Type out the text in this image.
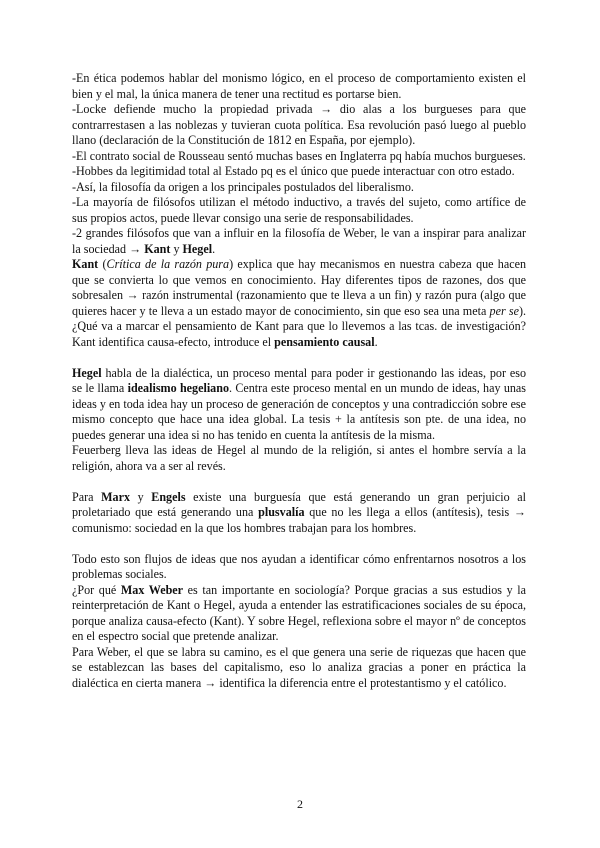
-En ética podemos hablar del monismo lógico, en el proceso de comportamiento existen el bien y el mal, la única manera de tener una rectitud es portarse bien.

-Locke defiende mucho la propiedad privada → dio alas a los burgueses para que contrarrestasen a las noblezas y tuvieran cuota política. Esa revolución pasó luego al pueblo llano (declaración de la Constitución de 1812 en España, por ejemplo).

-El contrato social de Rousseau sentó muchas bases en Inglaterra pq había muchos burgueses.

-Hobbes da legitimidad total al Estado pq es el único que puede interactuar con otro estado.

-Así, la filosofía da origen a los principales postulados del liberalismo.

-La mayoría de filósofos utilizan el método inductivo, a través del sujeto, como artífice de sus propios actos, puede llevar consigo una serie de responsabilidades.

-2 grandes filósofos que van a influir en la filosofía de Weber, le van a inspirar para analizar la sociedad → Kant y Hegel.

Kant (Crítica de la razón pura) explica que hay mecanismos en nuestra cabeza que hacen que se convierta lo que vemos en conocimiento. Hay diferentes tipos de razones, dos que sobresalen → razón instrumental (razonamiento que te lleva a un fin) y razón pura (algo que quieres hacer y te lleva a un estado mayor de conocimiento, sin que eso sea una meta per se). ¿Qué va a marcar el pensamiento de Kant para que lo llevemos a las tcas. de investigación? Kant identifica causa-efecto, introduce el pensamiento causal.

Hegel habla de la dialéctica, un proceso mental para poder ir gestionando las ideas, por eso se le llama idealismo hegeliano. Centra este proceso mental en un mundo de ideas, hay unas ideas y en toda idea hay un proceso de generación de conceptos y una contradicción sobre ese mismo concepto que hace una idea global. La tesis + la antítesis son pte. de una idea, no puedes generar una idea si no has tenido en cuenta la antítesis de la misma.

Feuerberg lleva las ideas de Hegel al mundo de la religión, si antes el hombre servía a la religión, ahora va a ser al revés.

Para Marx y Engels existe una burguesía que está generando un gran perjuicio al proletariado que está generando una plusvalía que no les llega a ellos (antítesis), tesis → comunismo: sociedad en la que los hombres trabajan para los hombres.

Todo esto son flujos de ideas que nos ayudan a identificar cómo enfrentarnos nosotros a los problemas sociales.

¿Por qué Max Weber es tan importante en sociología? Porque gracias a sus estudios y la reinterpretación de Kant o Hegel, ayuda a entender las estratificaciones sociales de su época, porque analiza causa-efecto (Kant). Y sobre Hegel, reflexiona sobre el mayor nº de conceptos en el espectro social que pretende analizar.

Para Weber, el que se labra su camino, es el que genera una serie de riquezas que hacen que se establezcan las bases del capitalismo, eso lo analiza gracias a poner en práctica la dialéctica en cierta manera → identifica la diferencia entre el protestantismo y el católico.

2
